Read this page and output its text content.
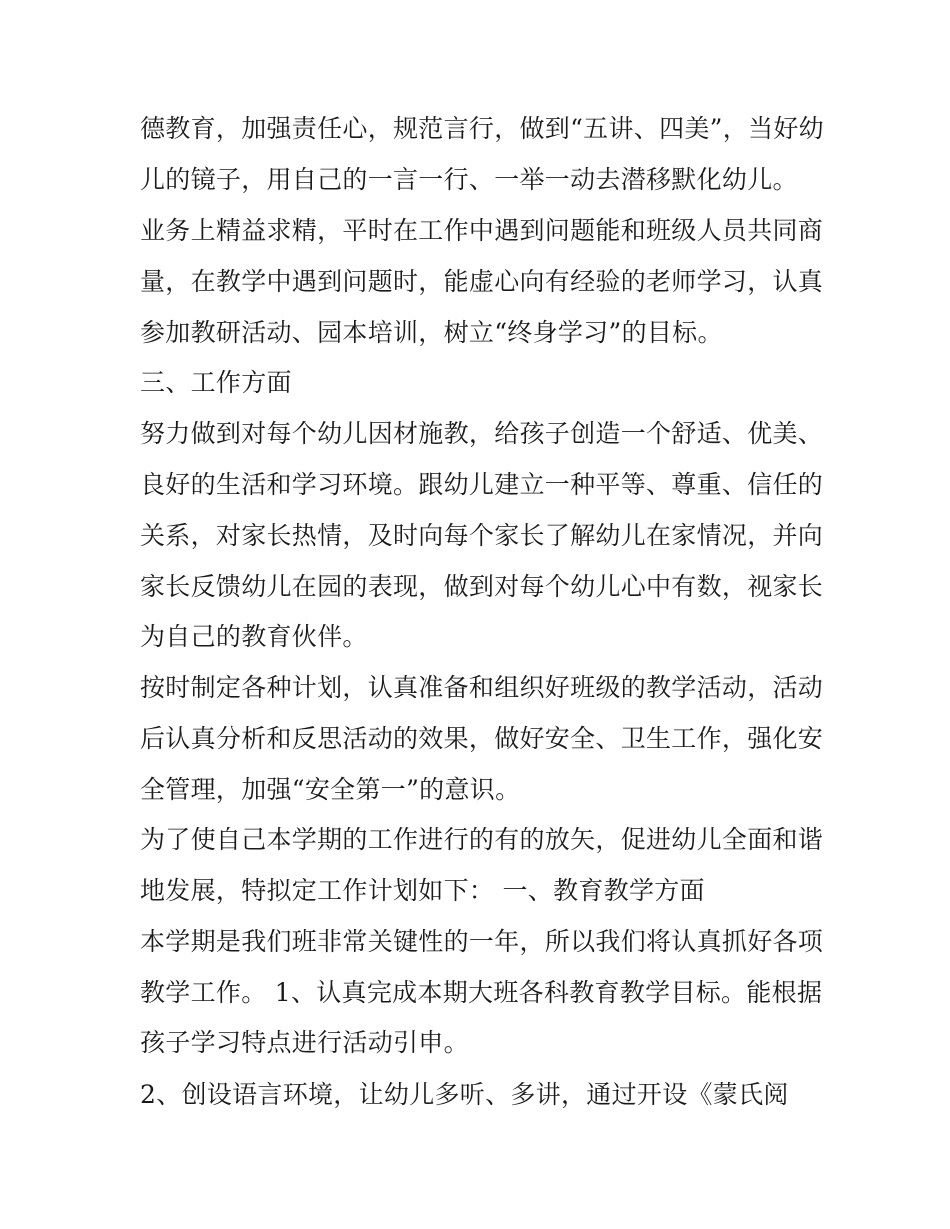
德教育，加强责任心，规范言行，做到“五讲、四美”，当好幼
儿的镜子，用自己的一言一行、一举一动去潜移默化幼儿。
业务上精益求精，平时在工作中遇到问题能和班级人员共同商
量，在教学中遇到问题时，能虚心向有经验的老师学习，认真
参加教研活动、园本培训，树立“终身学习”的目标。
三、工作方面
努力做到对每个幼儿因材施教，给孩子创造一个舒适、优美、
良好的生活和学习环境。跟幼儿建立一种平等、尊重、信任的
关系，对家长热情，及时向每个家长了解幼儿在家情况，并向
家长反馈幼儿在园的表现，做到对每个幼儿心中有数，视家长
为自己的教育伙伴。
按时制定各种计划，认真准备和组织好班级的教学活动，活动
后认真分析和反思活动的效果，做好安全、卫生工作，强化安
全管理，加强“安全第一”的意识。
为了使自己本学期的工作进行的有的放矢，促进幼儿全面和谐
地发展，特拟定工作计划如下： 一、教育教学方面
本学期是我们班非常关键性的一年，所以我们将认真抓好各项
教学工作。 1、认真完成本期大班各科教育教学目标。能根据
孩子学习特点进行活动引申。
2、创设语言环境，让幼儿多听、多讲，通过开设《蒙氏阅
